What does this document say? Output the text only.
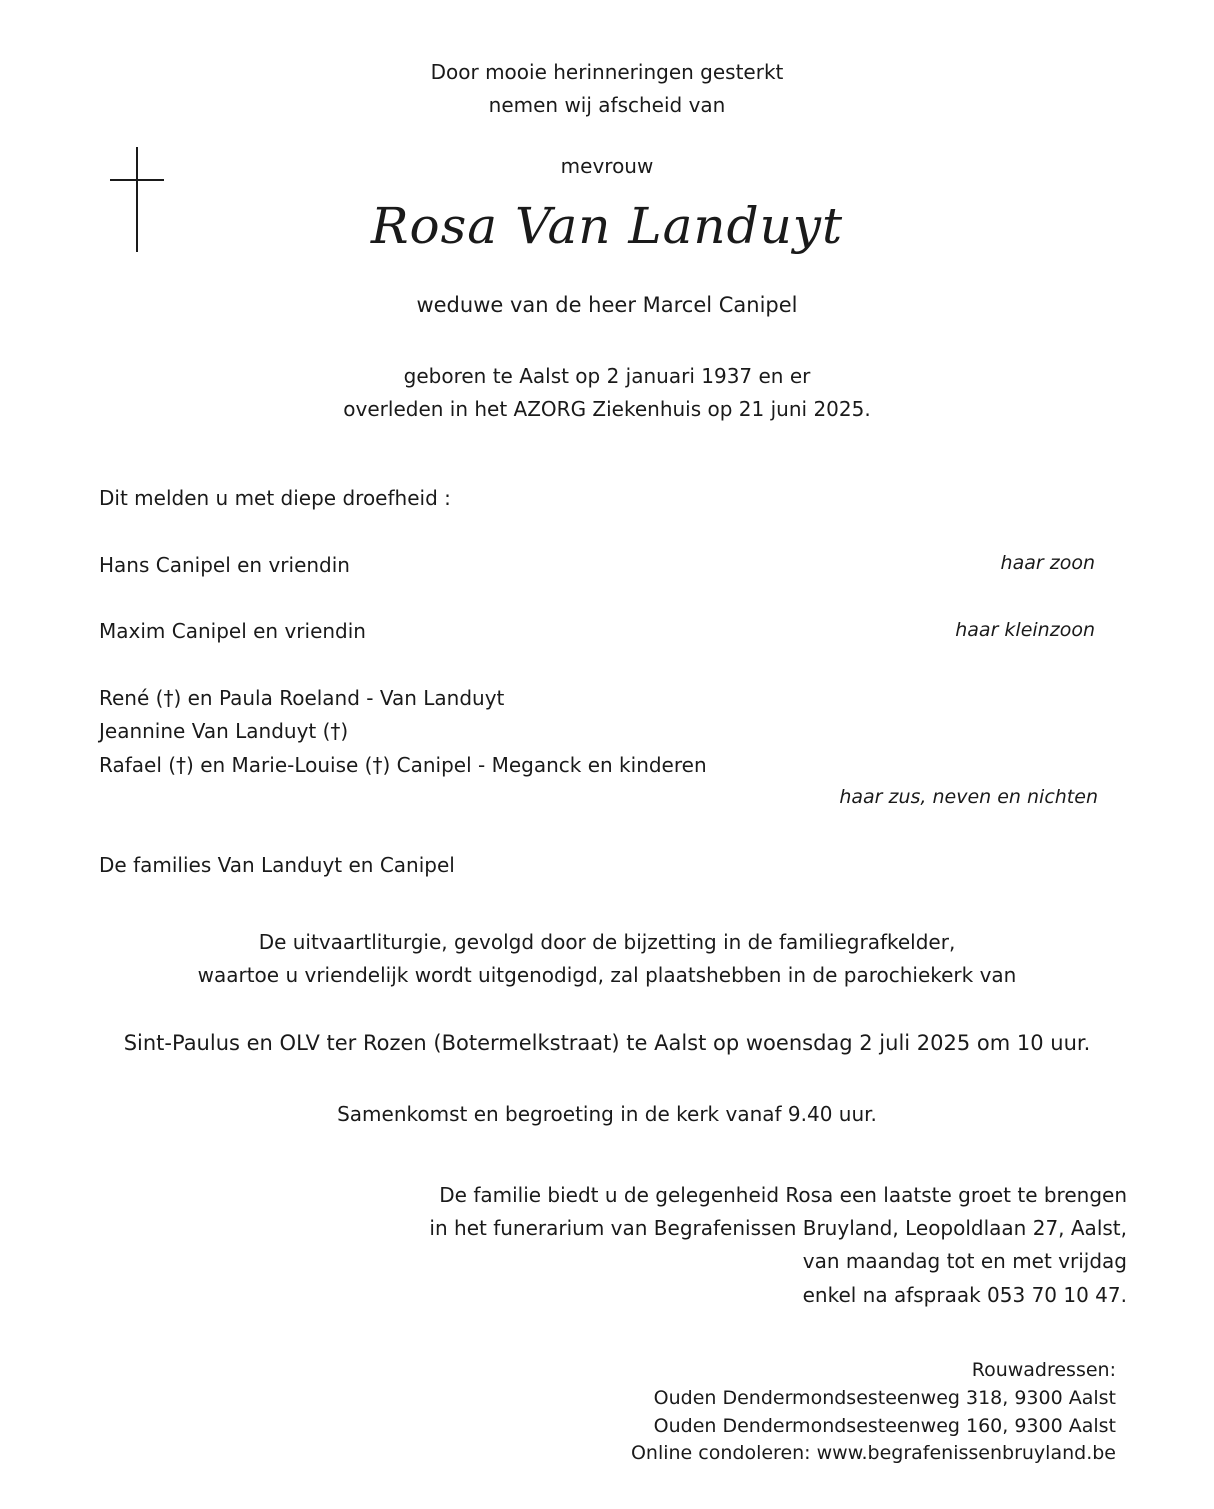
Door mooie herinneringen gesterkt
nemen wij afscheid van
mevrouw
Rosa Van Landuyt
weduwe van de heer Marcel Canipel
geboren te Aalst op 2 januari 1937 en er
overleden in het AZORG Ziekenhuis op 21 juni 2025.
Dit melden u met diepe droefheid :
Hans Canipel en vriendin	haar zoon
Maxim Canipel en vriendin	haar kleinzoon
René (†) en Paula Roeland - Van Landuyt
Jeannine Van Landuyt (†)
Rafael (†) en Marie-Louise (†) Canipel - Meganck en kinderen
haar zus, neven en nichten
De families Van Landuyt en Canipel
De uitvaartliturgie, gevolgd door de bijzetting in de familiegrafkelder,
waartoe u vriendelijk wordt uitgenodigd, zal plaatshebben in de parochiekerk van
Sint-Paulus en OLV ter Rozen (Botermelkstraat) te Aalst op woensdag 2 juli 2025 om 10 uur.
Samenkomst en begroeting in de kerk vanaf 9.40 uur.
De familie biedt u de gelegenheid Rosa een laatste groet te brengen
in het funerarium van Begrafenissen Bruyland, Leopoldlaan 27, Aalst,
van maandag tot en met vrijdag
enkel na afspraak 053 70 10 47.
Rouwadressen:
Ouden Dendermondsesteenweg 318, 9300 Aalst
Ouden Dendermondsesteenweg 160, 9300 Aalst
Online condoleren: www.begrafenissenbruyland.be
